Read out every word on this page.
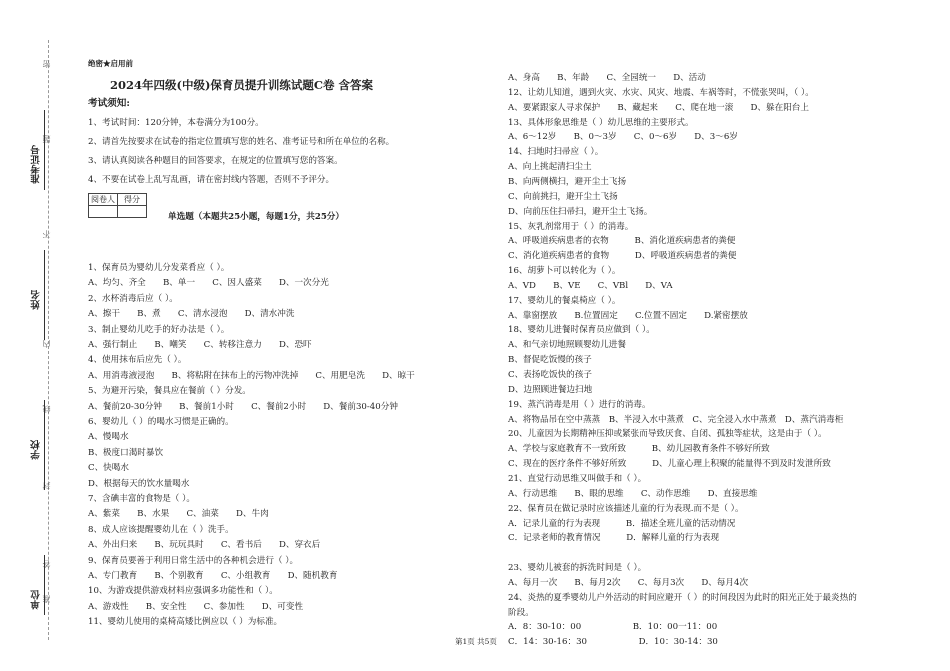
密
题
不
内
线
封
答
准
准考证号
姓名
学校
单位
绝密★启用前
2024年四级(中级)保育员提升训练试题C卷 含答案
考试须知:
1、考试时间：120分钟，本卷满分为100分。
2、请首先按要求在试卷的指定位置填写您的姓名、准考证号和所在单位的名称。
3、请认真阅读各种题目的回答要求，在规定的位置填写您的答案。
4、不要在试卷上乱写乱画，请在密封线内答题，否则不予评分。
阅卷人	得分

单选题（本题共25小题，每题1分，共25分）
1、保育员为婴幼儿分发菜肴应（ ）。
A、均匀、齐全　　B、单一　　C、因人盛菜　　D、一次分光
2、水杯消毒后应（ ）。
A、擦干　　B、煮　　C、清水浸泡　　D、清水冲洗
3、制止婴幼儿吃手的好办法是（ ）。
A、强行制止　　B、嘲笑　　C、转移注意力　　D、恐吓
4、使用抹布后应先（ ）。
A、用消毒液浸泡　　B、将粘附在抹布上的污物冲洗掉　　C、用肥皂洗　　D、晾干
5、为避开污染，餐具应在餐前（ ）分发。
A、餐前20-30分钟　　B、餐前1小时　　C、餐前2小时　　D、餐前30-40分钟
6、婴幼儿（ ）的喝水习惯是正确的。
A、慢喝水
B、极度口渴时暴饮
C、快喝水
D、根据每天的饮水量喝水
7、含碘丰富的食物是（ ）。
A、紫菜　　B、水果　　C、油菜　　D、牛肉
8、成人应该提醒婴幼儿在（ ）洗手。
A、外出归来　　B、玩玩具时　　C、看书后　　D、穿衣后
9、保育员要善于利用日常生活中的各种机会进行（ ）。
A、专门教育　　B、个别教育　　C、小组教育　　D、随机教育
10、为游戏提供游戏材料应强调多功能性和（ ）。
A、游戏性　　B、安全性　　C、参加性　　D、可变性
11、婴幼儿使用的桌椅高矮比例应以（ ）为标准。
A、身高　　B、年龄　　C、全园统一　　D、活动
12、让幼儿知道，遇到火灾、水灾、风灾、地震、车祸等时，不慌张哭叫，（ ）。
A、要紧跟家人寻求保护　　B、藏起来　　C、爬在地一滚　　D、躲在阳台上
13、具体形象思维是（ ）幼儿思维的主要形式。
A、6～12岁　　B、0～3岁　　C、0～6岁　　D、3～6岁
14、扫地时扫帚应（ ）。
A、向上挑起清扫尘土
B、向两侧横扫，避开尘土飞扬
C、向前挑扫，避开尘土飞扬
D、向前压住扫帚扫，避开尘土飞扬。
15、灰乳剂常用于（ ）的消毒。
A、呼吸道疾病患者的衣物　　　B、消化道疾病患者的粪便
C、消化道疾病患者的食物　　　D、呼吸道疾病患者的粪便
16、胡萝卜可以转化为（ ）。
A、VD　　B、VE　　C、VBl　　D、VA
17、婴幼儿的餐桌椅应（ ）。
A、靠窗摆放　　B.位置固定　　C.位置不固定　　D.紧密摆放
18、婴幼儿进餐时保育员应做到（ ）。
A、和气亲切地照顾婴幼儿进餐
B、督促吃饭慢的孩子
C、表扬吃饭快的孩子
D、边照顾进餐边扫地
19、蒸汽消毒是用（ ）进行的消毒。
A、将物品吊在空中蒸蒸　B、半浸入水中蒸煮　C、完全浸入水中蒸煮　D、蒸汽消毒柜
20、儿童因为长期精神压抑或紧张而导致厌食、自闭、孤独等症状，这是由于（ ）。
A、学校与家庭教育不一致所致　　　B、幼儿园教育条件不够好所致
C、现在的医疗条件不够好所致　　　D、儿童心理上积聚的能量得不到及时发泄所致
21、直觉行动思维又叫做手和（ ）。
A、行动思维　　B、眼的思维　　C、动作思维　　D、直接思维
22、保育员在做记录时应该描述儿童的行为表现.而不是（ ）。
A．记录儿童的行为表现　　　B．描述全班儿童的活动情况
C．记录老师的教育情况　　　D．解释儿童的行为表现
23、婴幼儿被套的拆洗时间是（ ）。
A、每月一次　　B、每月2次　　C、每月3次　　D、每月4次
24、炎热的夏季婴幼儿户外活动的时间应避开（ ）的时间段因为此时的阳光正处于最炎热的
阶段。
A．8：30-10：00　　　　　　B．10：00一11：00
C．14：30-16：30　　　　　　D．10：30-14：30
第1页 共5页
